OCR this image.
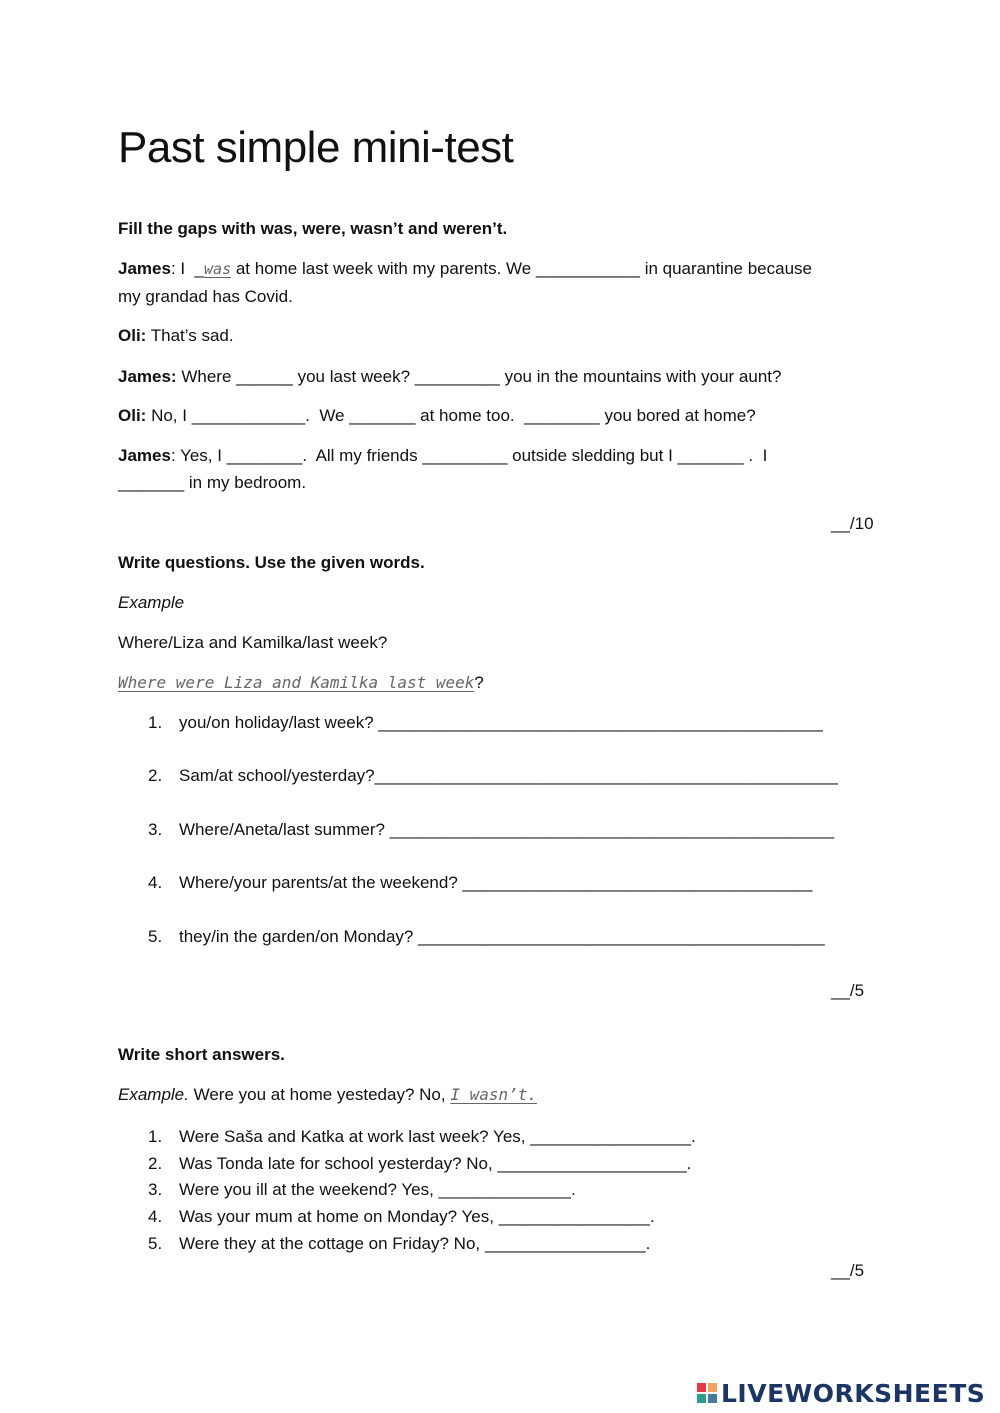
Past simple mini-test
Fill the gaps with was, were, wasn’t and weren’t.
James: I  _was at home last week with my parents. We ___________ in quarantine because
my grandad has Covid.
Oli: That’s sad.
James: Where ______ you last week? _________ you in the mountains with your aunt?
Oli: No, I ____________.  We _______ at home too.  ________ you bored at home?
James: Yes, I ________.  All my friends _________ outside sledding but I _______ .  I
_______ in my bedroom.
__/10
Write questions. Use the given words.
Example
Where/Liza and Kamilka/last week?
Where were Liza and Kamilka last week?
1. you/on holiday/last week? _______________________________________________
2. Sam/at school/yesterday?_________________________________________________
3. Where/Aneta/last summer? _______________________________________________
4. Where/your parents/at the weekend? _____________________________________
5. they/in the garden/on Monday? ___________________________________________
__/5
Write short answers.
Example. Were you at home yesteday? No, I wasn’t.
1. Were Saša and Katka at work last week? Yes, _________________.
2. Was Tonda late for school yesterday? No, ____________________.
3. Were you ill at the weekend? Yes, ______________.
4. Was your mum at home on Monday? Yes, ________________.
5. Were they at the cottage on Friday? No, _________________.
__/5
LIVEWORKSHEETS
